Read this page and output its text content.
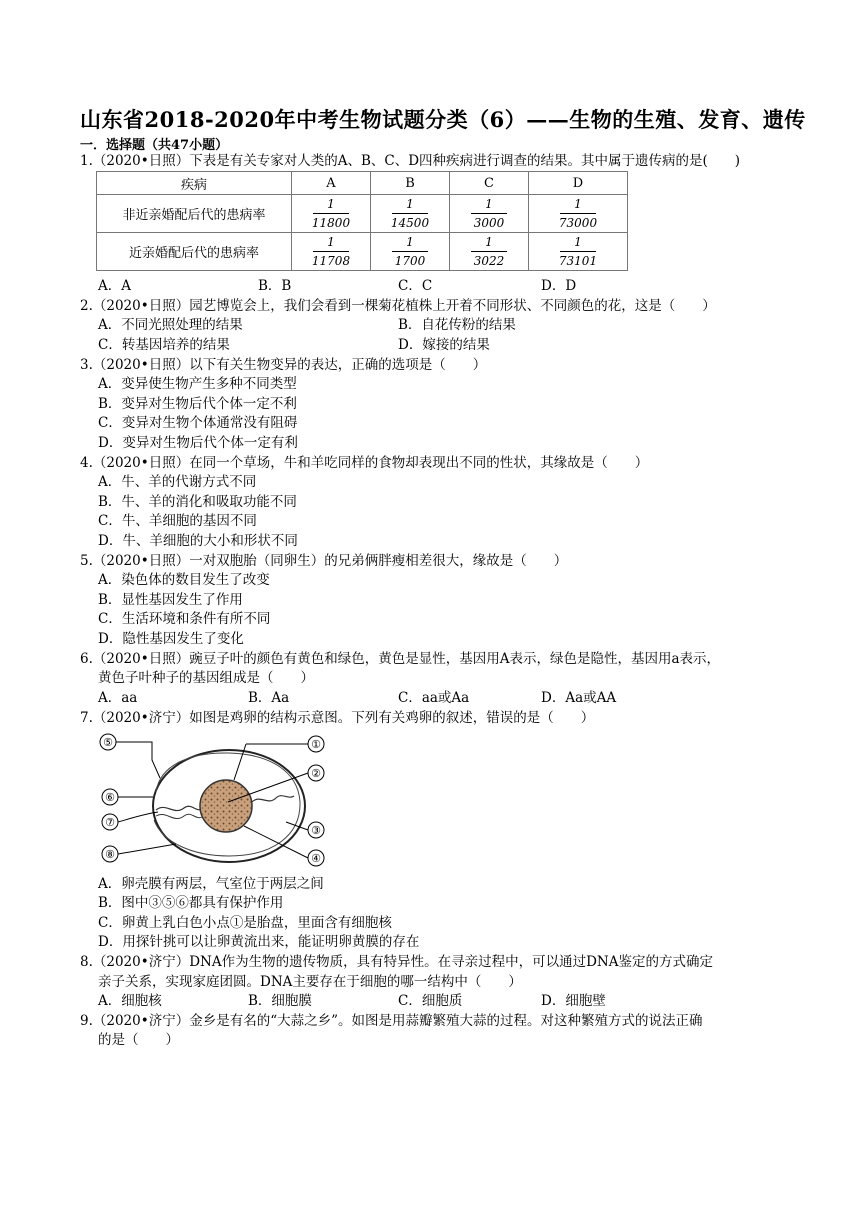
山东省2018-2020年中考生物试题分类（6）——生物的生殖、发育、遗传
一．选择题（共47小题）
1.（2020•日照）下表是有关专家对人类的A、B、C、D四种疾病进行调查的结果。其中属于遗传病的是(　　)
疾病	A	B	C	D
非近亲婚配后代的患病率	$\frac{1}{11800}$	$\frac{1}{14500}$	$\frac{1}{3000}$	$\frac{1}{73000}$

近亲婚配后代的患病率	$\frac{1}{11708}$	$\frac{1}{1700}$	$\frac{1}{3022}$	$\frac{1}{73101}$
A．A	B．B	C．C	D．D
2.（2020•日照）园艺博览会上，我们会看到一棵菊花植株上开着不同形状、不同颜色的花，这是（　　）
A．不同光照处理的结果	B．自花传粉的结果
C．转基因培养的结果	D．嫁接的结果
3.（2020•日照）以下有关生物变异的表达，正确的选项是（　　）
A．变异使生物产生多种不同类型
B．变异对生物后代个体一定不利
C．变异对生物个体通常没有阻碍
D．变异对生物后代个体一定有利
4.（2020•日照）在同一个草场，牛和羊吃同样的食物却表现出不同的性状，其缘故是（　　）
A．牛、羊的代谢方式不同
B．牛、羊的消化和吸取功能不同
C．牛、羊细胞的基因不同
D．牛、羊细胞的大小和形状不同
5.（2020•日照）一对双胞胎（同卵生）的兄弟俩胖瘦相差很大，缘故是（　　）
A．染色体的数目发生了改变
B．显性基因发生了作用
C．生活环境和条件有所不同
D．隐性基因发生了变化
6.（2020•日照）豌豆子叶的颜色有黄色和绿色，黄色是显性，基因用A表示，绿色是隐性，基因用a表示，
黄色子叶种子的基因组成是（　　）
A．aa	B．Aa	C．aa或Aa	D．Aa或AA
7.（2020•济宁）如图是鸡卵的结构示意图。下列有关鸡卵的叙述，错误的是（　　）
⑤	①
②
⑥
⑦
③
⑧	④
A．卵壳膜有两层，气室位于两层之间
B．图中③⑤⑥都具有保护作用
C．卵黄上乳白色小点①是胎盘，里面含有细胞核
D．用探针挑可以让卵黄流出来，能证明卵黄膜的存在
8.（2020•济宁）DNA作为生物的遗传物质，具有特异性。在寻亲过程中，可以通过DNA鉴定的方式确定
亲子关系，实现家庭团圆。DNA主要存在于细胞的哪一结构中（　　）
A．细胞核	B．细胞膜	C．细胞质	D．细胞壁
9.（2020•济宁）金乡是有名的“大蒜之乡”。如图是用蒜瓣繁殖大蒜的过程。对这种繁殖方式的说法正确
的是（　　）
